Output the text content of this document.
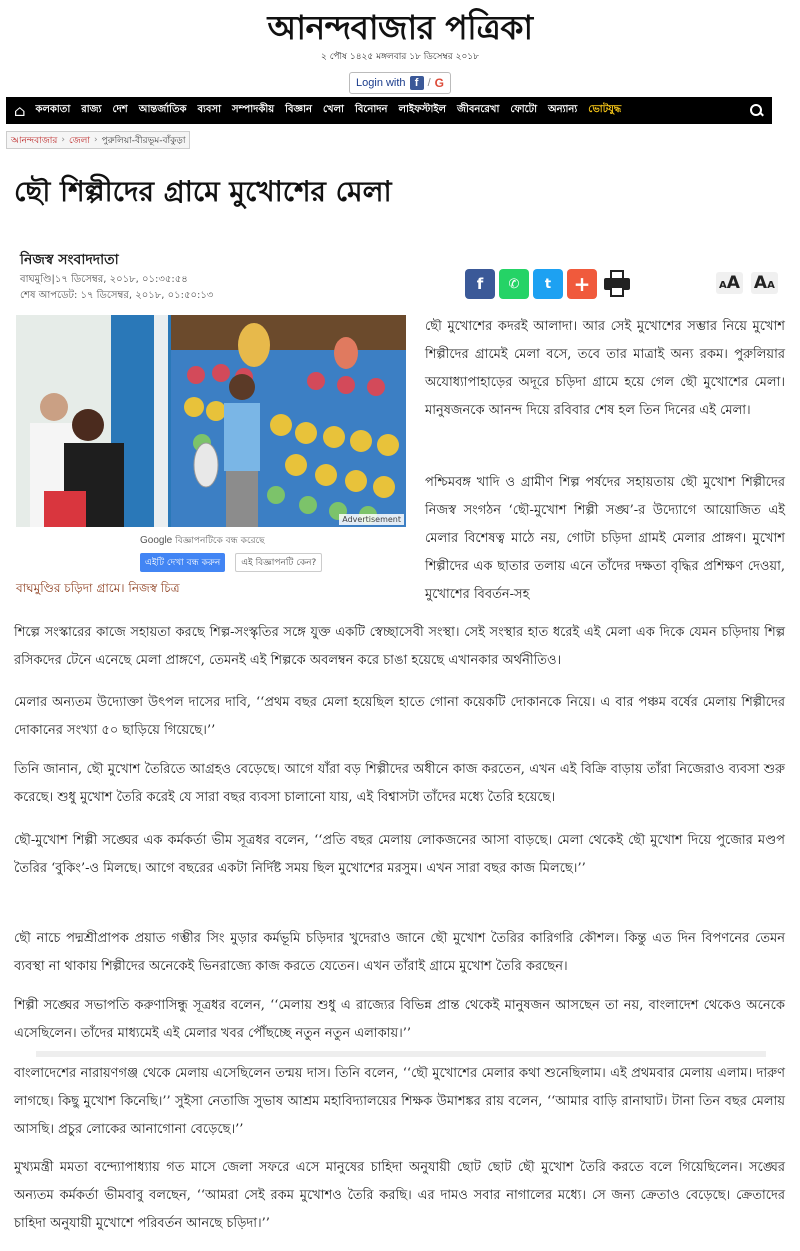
আনন্দবাজার পত্রিকা
২ পৌষ ১৪২৫ মঙ্গলবার ১৮ ডিসেম্বর ২০১৮
Login with f / G
⌂ কলকাতা রাজ্য দেশ আন্তর্জাতিক ব্যবসা সম্পাদকীয় বিজ্ঞান খেলা বিনোদন লাইফস্টাইল জীবনরেখা ফোটো অন্যান্য ভোটযুদ্ধ
আনন্দবাজার › জেলা › পুরুলিয়া-বীরভূম-বাঁকুড়া
ছৌ শিল্পীদের গ্রামে মুখোশের মেলা
নিজস্ব সংবাদদাতা
বাঘমুণ্ডি|১৭ ডিসেম্বর, ২০১৮, ০১:৩৫:৫৪
শেষ আপডেট: ১৭ ডিসেম্বর, ২০১৮, ০১:৫০:১৩
f	✆	t	+	AA AA
Advertisement
Google বিজ্ঞাপনটিকে বন্ধ করেছে
এইটি দেখা বন্ধ করুন	এই বিজ্ঞাপনটি কেন?
বাঘমুণ্ডির চড়িদা গ্রামে। নিজস্ব চিত্র

ছৌ মুখোশের কদরই আলাদা। আর সেই মুখোশের সম্ভার নিয়ে মুখোশ শিল্পীদের গ্রামেই মেলা বসে, তবে তার মাত্রাই অন্য রকম। পুরুলিয়ার অযোধ্যাপাহাড়ের অদূরে চড়িদা গ্রামে হয়ে গেল ছৌ মুখোশের মেলা। মানুষজনকে আনন্দ দিয়ে রবিবার শেষ হল তিন দিনের এই মেলা।

পশ্চিমবঙ্গ খাদি ও গ্রামীণ শিল্প পর্ষদের সহায়তায় ছৌ মুখোশ শিল্পীদের নিজস্ব সংগঠন ‘ছৌ-মুখোশ শিল্পী সঙ্ঘ’-র উদ্যোগে আয়োজিত এই মেলার বিশেষত্ব মাঠে নয়, গোটা চড়িদা গ্রামই মেলার প্রাঙ্গণ। মুখোশ শিল্পীদের এক ছাতার তলায় এনে তাঁদের দক্ষতা বৃদ্ধির প্রশিক্ষণ দেওয়া, মুখোশের বিবর্তন-সহ

শিল্পে সংস্কারের কাজে সহায়তা করছে শিল্প-সংস্কৃতির সঙ্গে যুক্ত একটি স্বেচ্ছাসেবী সংস্থা। সেই সংস্থার হাত ধরেই এই মেলা এক দিকে যেমন চড়িদায় শিল্প রসিকদের টেনে এনেছে মেলা প্রাঙ্গণে, তেমনই এই শিল্পকে অবলম্বন করে চাঙা হয়েছে এখানকার অর্থনীতিও।

মেলার অন্যতম উদ্যোক্তা উৎপল দাসের দাবি, ‘‘প্রথম বছর মেলা হয়েছিল হাতে গোনা কয়েকটি দোকানকে নিয়ে। এ বার পঞ্চম বর্ষের মেলায় শিল্পীদের দোকানের সংখ্যা ৫০ ছাড়িয়ে গিয়েছে।’’

তিনি জানান, ছৌ মুখোশ তৈরিতে আগ্রহও বেড়েছে। আগে যাঁরা বড় শিল্পীদের অধীনে কাজ করতেন, এখন এই বিক্রি বাড়ায় তাঁরা নিজেরাও ব্যবসা শুরু করেছে। শুধু মুখোশ তৈরি করেই যে সারা বছর ব্যবসা চালানো যায়, এই বিশ্বাসটা তাঁদের মধ্যে তৈরি হয়েছে।

ছৌ-মুখোশ শিল্পী সঙ্ঘের এক কর্মকর্তা ভীম সূত্রধর বলেন, ‘‘প্রতি বছর মেলায় লোকজনের আসা বাড়ছে। মেলা থেকেই ছৌ মুখোশ দিয়ে পুজোর মণ্ডপ তৈরির ‘বুকিং’-ও মিলছে। আগে বছরের একটা নির্দিষ্ট সময় ছিল মুখোশের মরসুম। এখন সারা বছর কাজ মিলছে।’’

ছৌ নাচে পদ্মশ্রীপ্রাপক প্রয়াত গম্ভীর সিং মুড়ার কর্মভূমি চড়িদার খুদেরাও জানে ছৌ মুখোশ তৈরির কারিগরি কৌশল। কিন্তু এত দিন বিপণনের তেমন ব্যবস্থা না থাকায় শিল্পীদের অনেকেই ভিনরাজ্যে কাজ করতে যেতেন। এখন তাঁরাই গ্রামে মুখোশ তৈরি করছেন।

শিল্পী সঙ্ঘের সভাপতি করুণাসিন্ধু সূত্রধর বলেন, ‘‘মেলায় শুধু এ রাজ্যের বিভিন্ন প্রান্ত থেকেই মানুষজন আসছেন তা নয়, বাংলাদেশ থেকেও অনেকে এসেছিলেন। তাঁদের মাধ্যমেই এই মেলার খবর পৌঁছচ্ছে নতুন নতুন এলাকায়।’’

বাংলাদেশের নারায়ণগঞ্জ থেকে মেলায় এসেছিলেন তন্ময় দাস। তিনি বলেন, ‘‘ছৌ মুখোশের মেলার কথা শুনেছিলাম। এই প্রথমবার মেলায় এলাম। দারুণ লাগছে। কিছু মুখোশ কিনেছি।’’ সুইসা নেতাজি সুভাষ আশ্রম মহাবিদ্যালয়ের শিক্ষক উমাশঙ্কর রায় বলেন, ‘‘আমার বাড়ি রানাঘাট। টানা তিন বছর মেলায় আসছি। প্রচুর লোকের আনাগোনা বেড়েছে।’’

মুখ্যমন্ত্রী মমতা বন্দ্যোপাধ্যায় গত মাসে জেলা সফরে এসে মানুষের চাহিদা অনুযায়ী ছোট ছোট ছৌ মুখোশ তৈরি করতে বলে গিয়েছিলেন। সঙ্ঘের অন্যতম কর্মকর্তা ভীমবাবু বলছেন, ‘‘আমরা সেই রকম মুখোশও তৈরি করছি। এর দামও সবার নাগালের মধ্যে। সে জন্য ক্রেতাও বেড়েছে। ক্রেতাদের চাহিদা অনুযায়ী মুখোশে পরিবর্তন আনছে চড়িদা।’’
